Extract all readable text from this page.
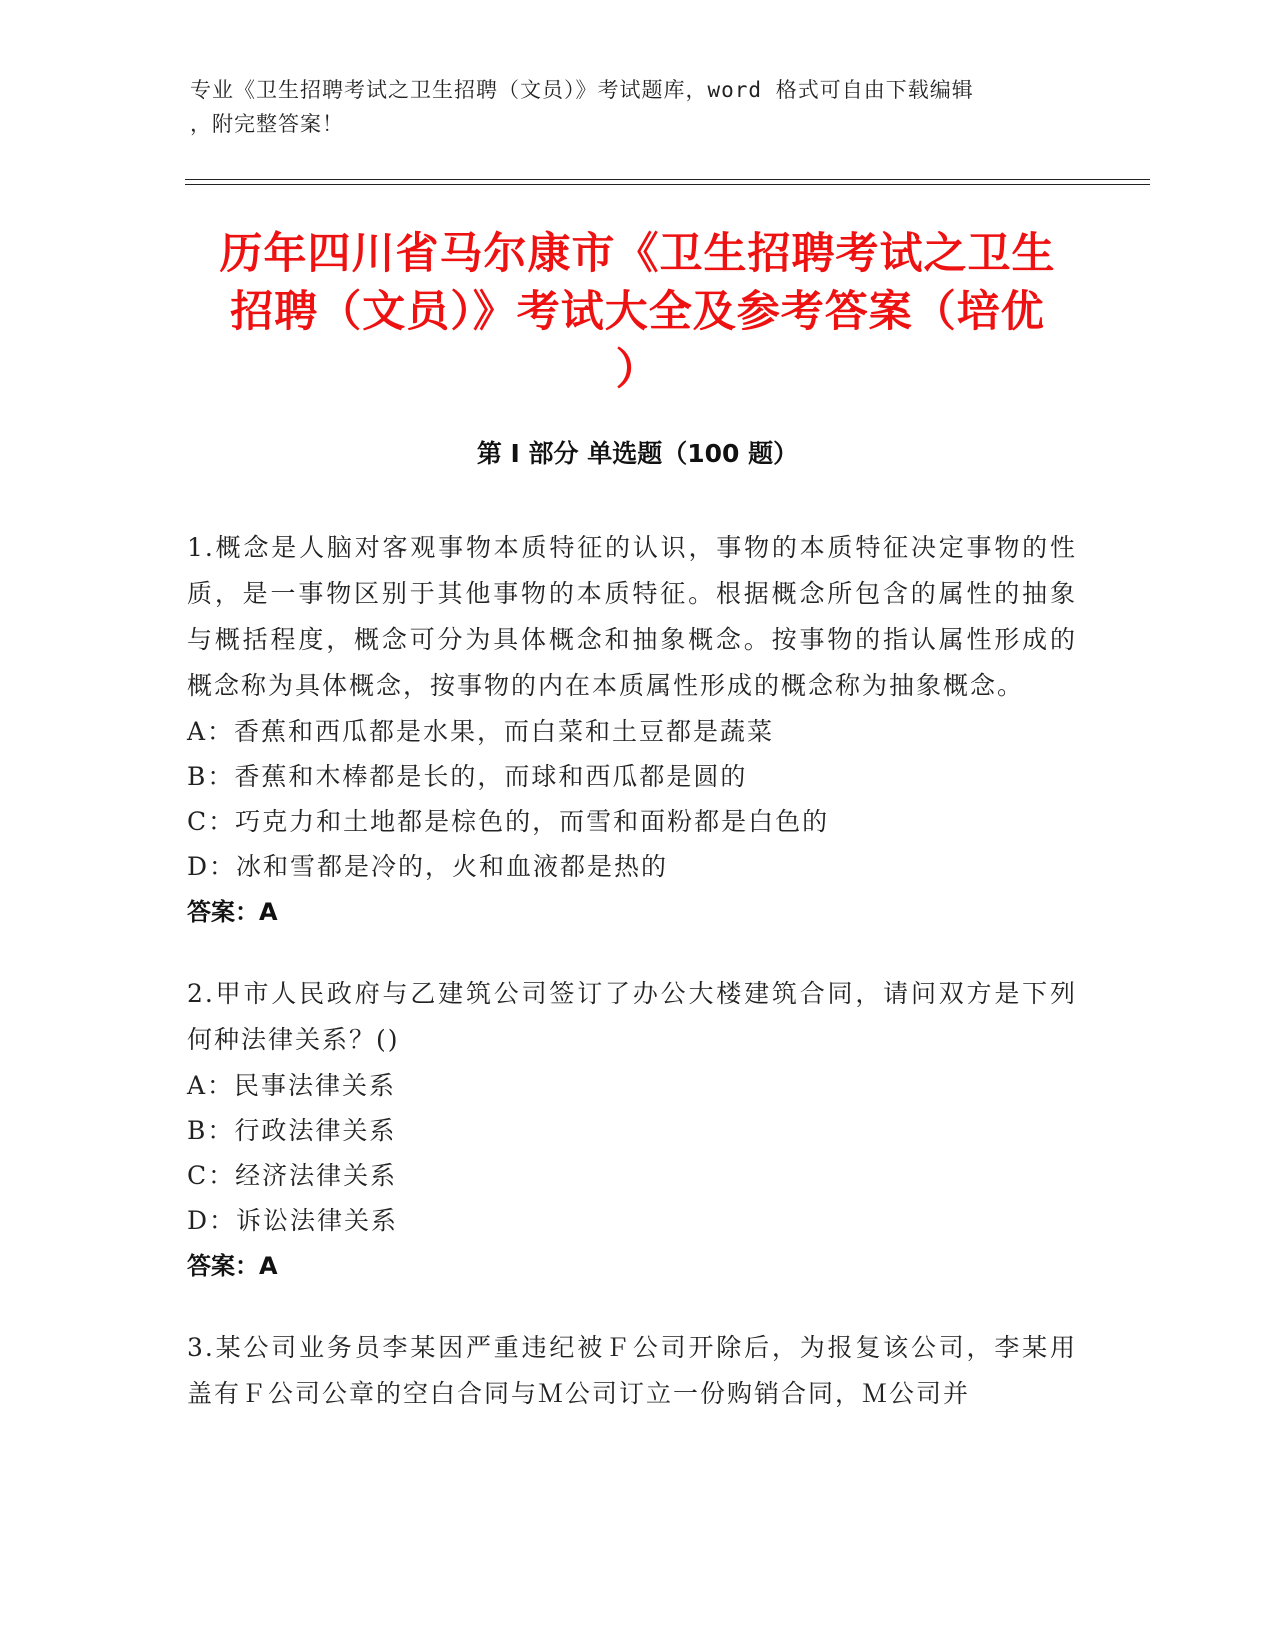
专业《卫生招聘考试之卫生招聘（文员）》考试题库，word 格式可自由下载编辑
，附完整答案！
历年四川省马尔康市《卫生招聘考试之卫生
招聘（文员）》考试大全及参考答案（培优
）
第 I 部分 单选题（100 题）
1.概念是人脑对客观事物本质特征的认识，事物的本质特征决定事物的性质，是一事物区别于其他事物的本质特征。根据概念所包含的属性的抽象与概括程度，概念可分为具体概念和抽象概念。按事物的指认属性形成的概念称为具体概念，按事物的内在本质属性形成的概念称为抽象概念。
A：香蕉和西瓜都是水果，而白菜和土豆都是蔬菜
B：香蕉和木棒都是长的，而球和西瓜都是圆的
C：巧克力和土地都是棕色的，而雪和面粉都是白色的
D：冰和雪都是冷的，火和血液都是热的
答案：A
2.甲市人民政府与乙建筑公司签订了办公大楼建筑合同，请问双方是下列何种法律关系？()
A：民事法律关系
B：行政法律关系
C：经济法律关系
D：诉讼法律关系
答案：A
3.某公司业务员李某因严重违纪被Ｆ公司开除后，为报复该公司，李某用盖有Ｆ公司公章的空白合同与Ｍ公司订立一份购销合同，Ｍ公司并
